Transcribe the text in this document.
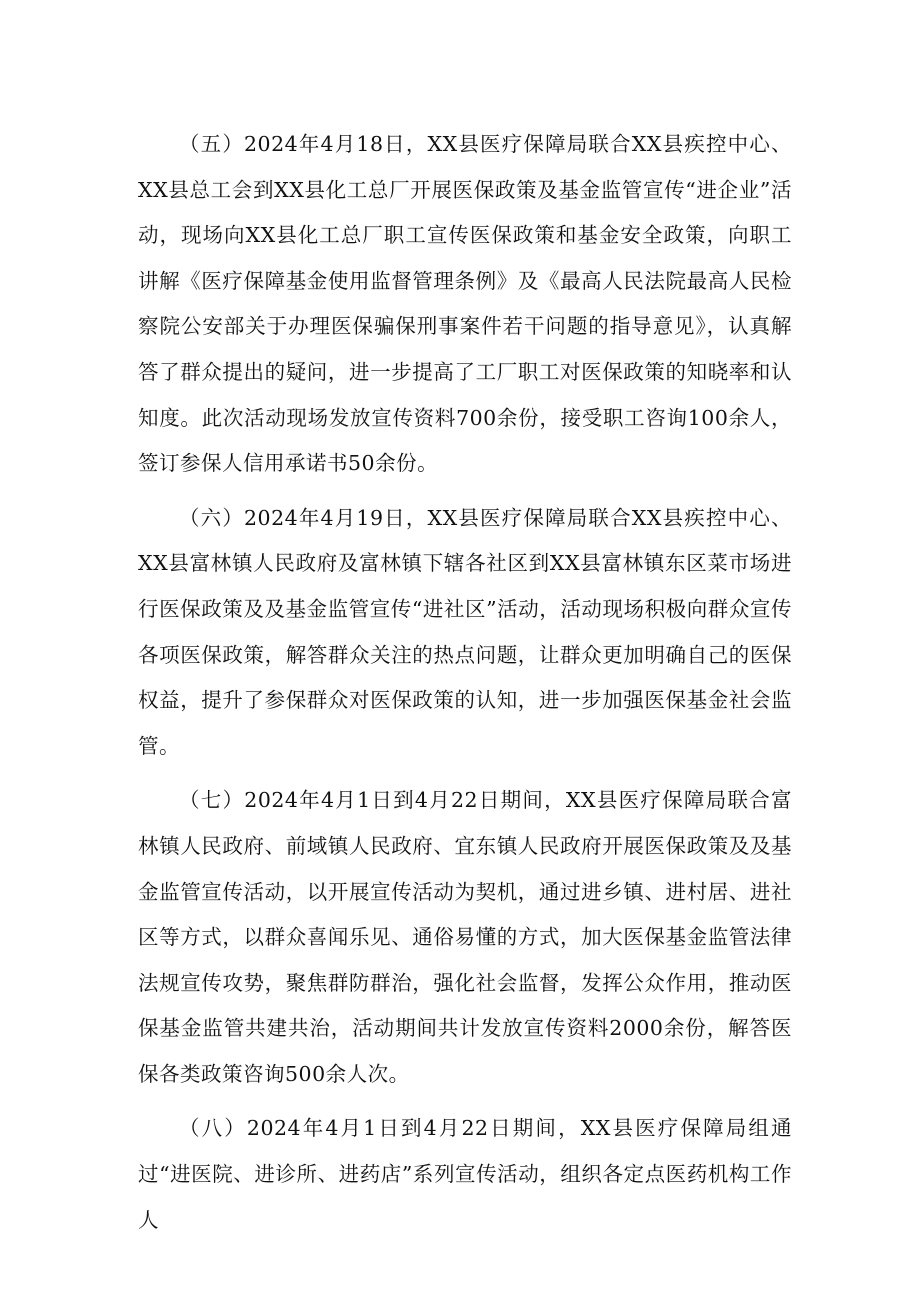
（五）2024年4月18日，XX县医疗保障局联合XX县疾控中心、XX县总工会到XX县化工总厂开展医保政策及基金监管宣传“进企业”活动，现场向XX县化工总厂职工宣传医保政策和基金安全政策，向职工讲解《医疗保障基金使用监督管理条例》及《最高人民法院最高人民检察院公安部关于办理医保骗保刑事案件若干问题的指导意见》，认真解答了群众提出的疑问，进一步提高了工厂职工对医保政策的知晓率和认知度。此次活动现场发放宣传资料700余份，接受职工咨询100余人，签订参保人信用承诺书50余份。

（六）2024年4月19日，XX县医疗保障局联合XX县疾控中心、XX县富林镇人民政府及富林镇下辖各社区到XX县富林镇东区菜市场进行医保政策及及基金监管宣传“进社区”活动，活动现场积极向群众宣传各项医保政策，解答群众关注的热点问题，让群众更加明确自己的医保权益，提升了参保群众对医保政策的认知，进一步加强医保基金社会监管。

（七）2024年4月1日到4月22日期间，XX县医疗保障局联合富林镇人民政府、前域镇人民政府、宜东镇人民政府开展医保政策及及基金监管宣传活动，以开展宣传活动为契机，通过进乡镇、进村居、进社区等方式，以群众喜闻乐见、通俗易懂的方式，加大医保基金监管法律法规宣传攻势，聚焦群防群治，强化社会监督，发挥公众作用，推动医保基金监管共建共治，活动期间共计发放宣传资料2000余份，解答医保各类政策咨询500余人次。

（八）2024年4月1日到4月22日期间，XX县医疗保障局组通过“进医院、进诊所、进药店”系列宣传活动，组织各定点医药机构工作人
